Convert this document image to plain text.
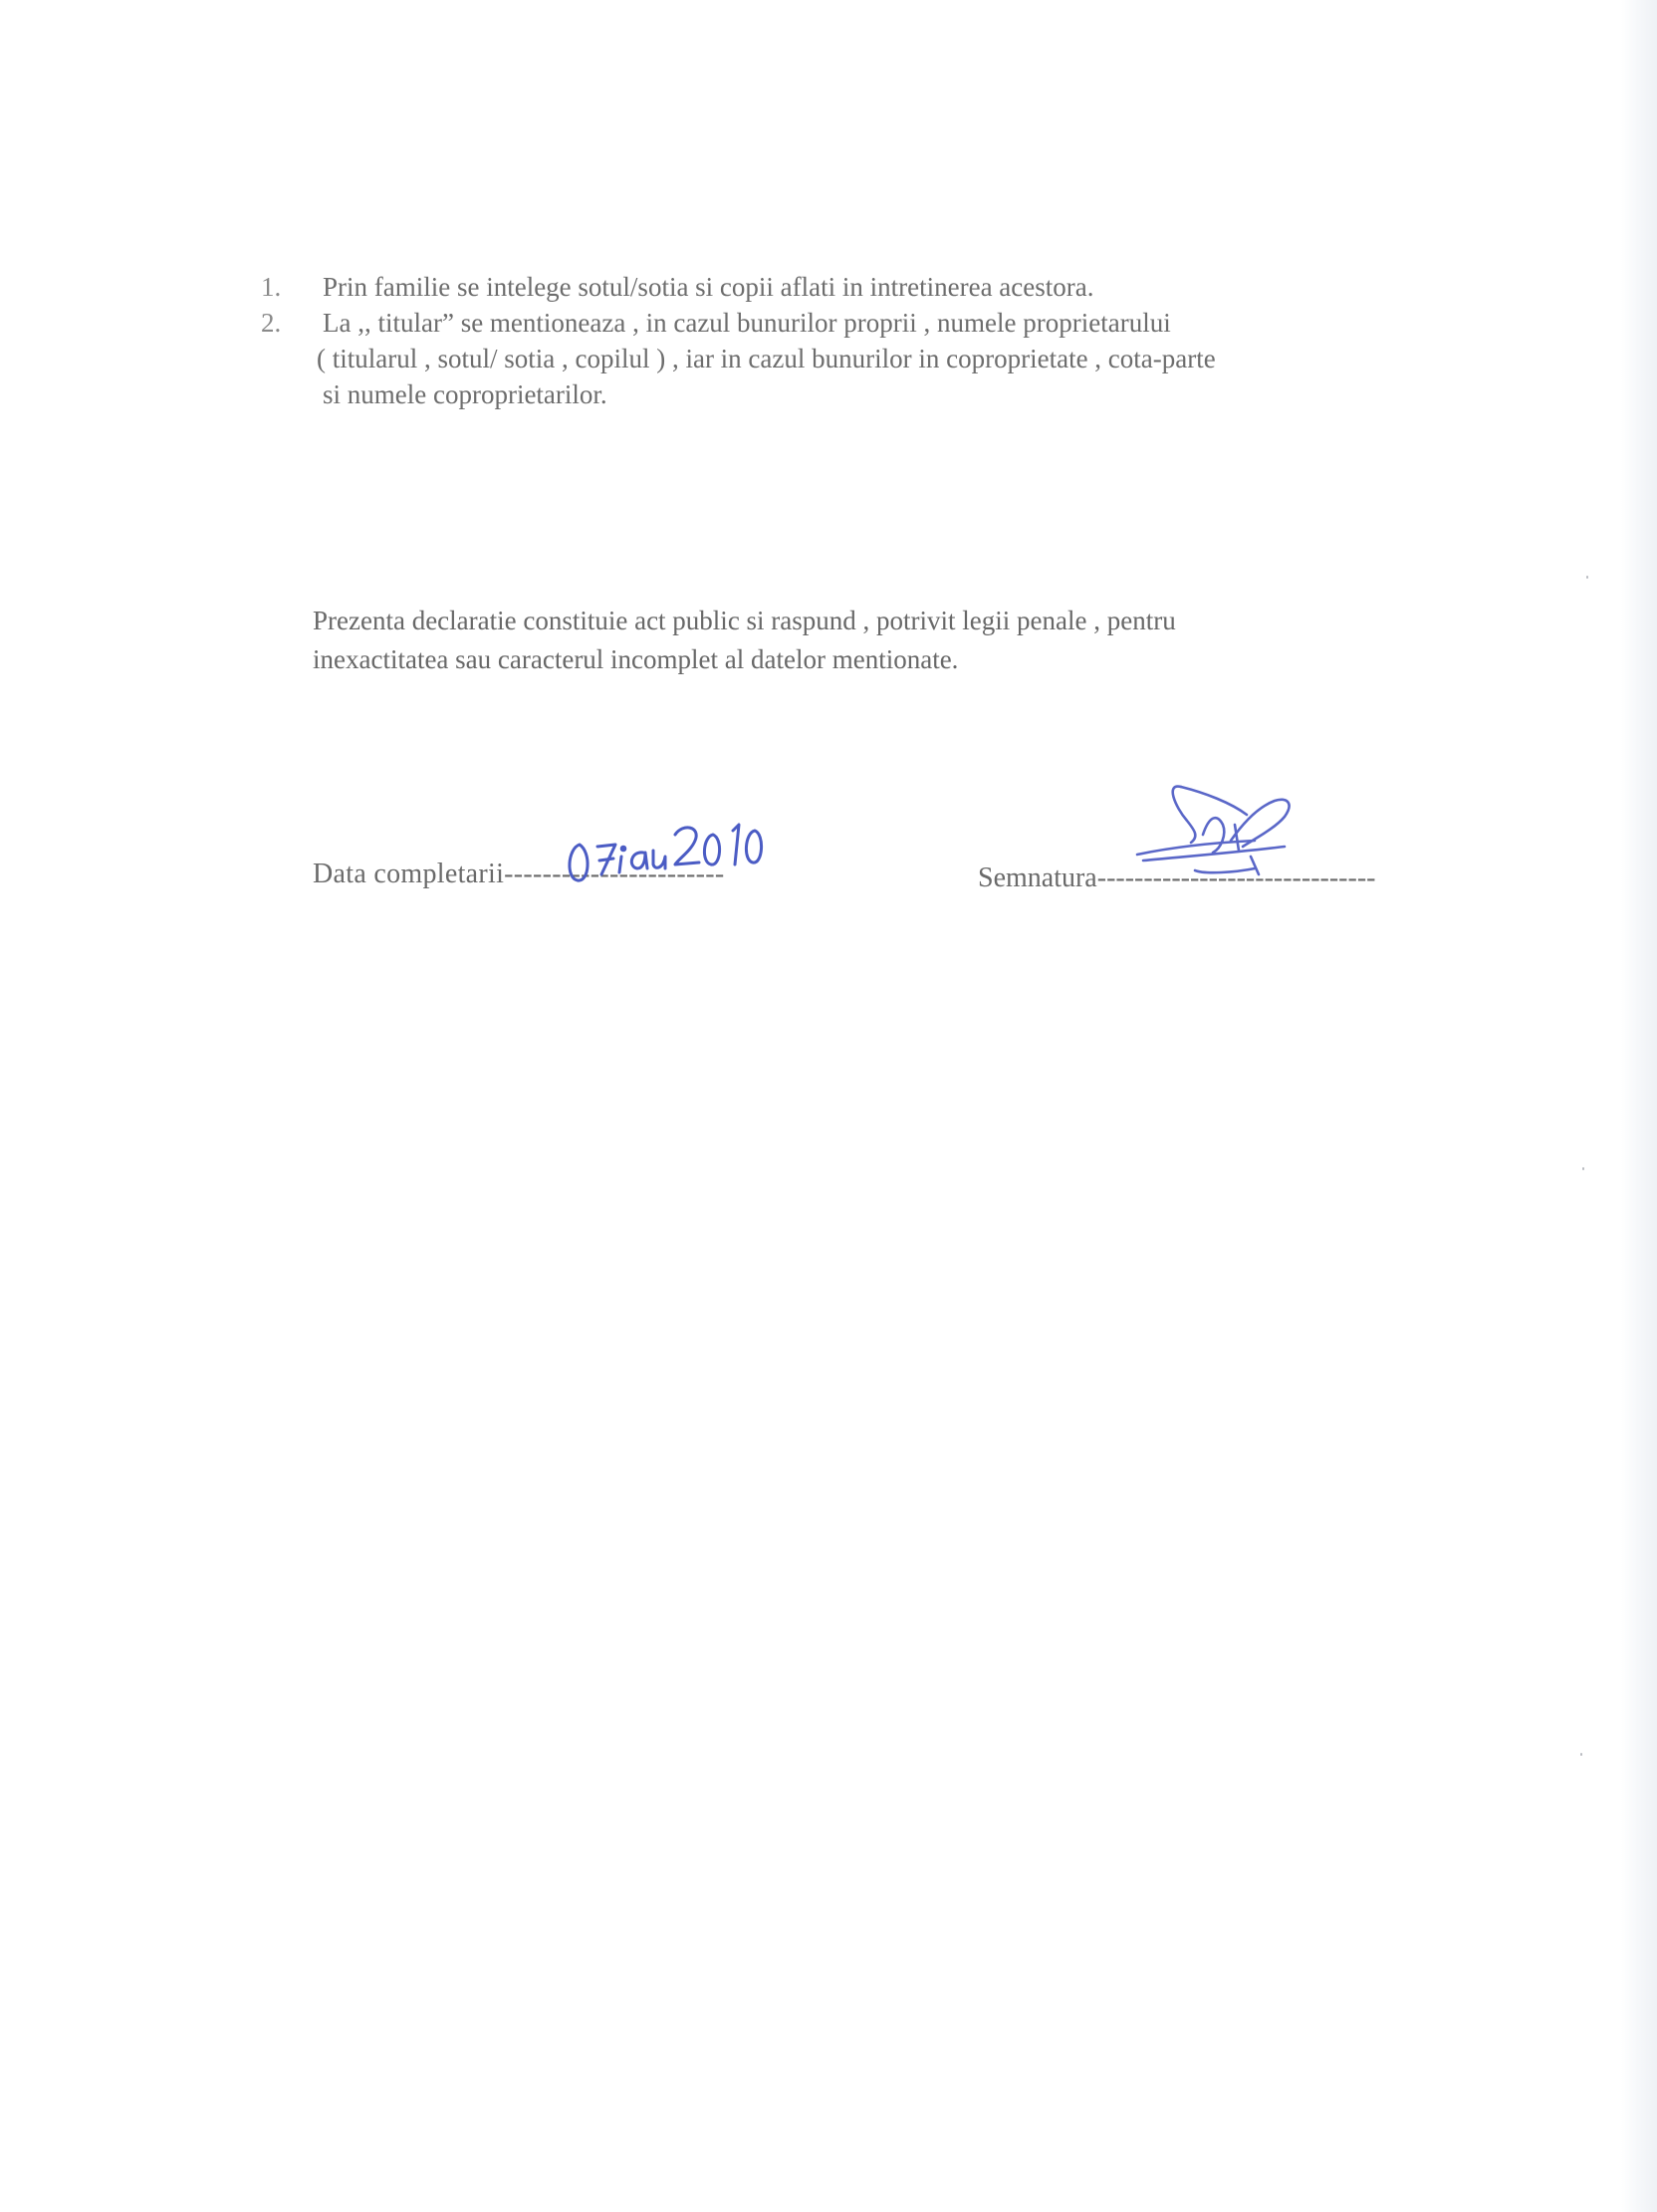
1. Prin familie se intelege sotul/sotia si copii aflati in intretinerea acestora.
2. La ,, titular” se mentioneaza , in cazul bunurilor proprii , numele proprietarului
( titularul , sotul/ sotia , copilul ) , iar in cazul bunurilor in coproprietate , cota-parte
si numele coproprietarilor.
Prezenta declaratie constituie act public si raspund , potrivit legii penale , pentru
inexactitatea sau caracterul incomplet al datelor mentionate.
Data completarii-----------------------	Semnatura------------------------------
